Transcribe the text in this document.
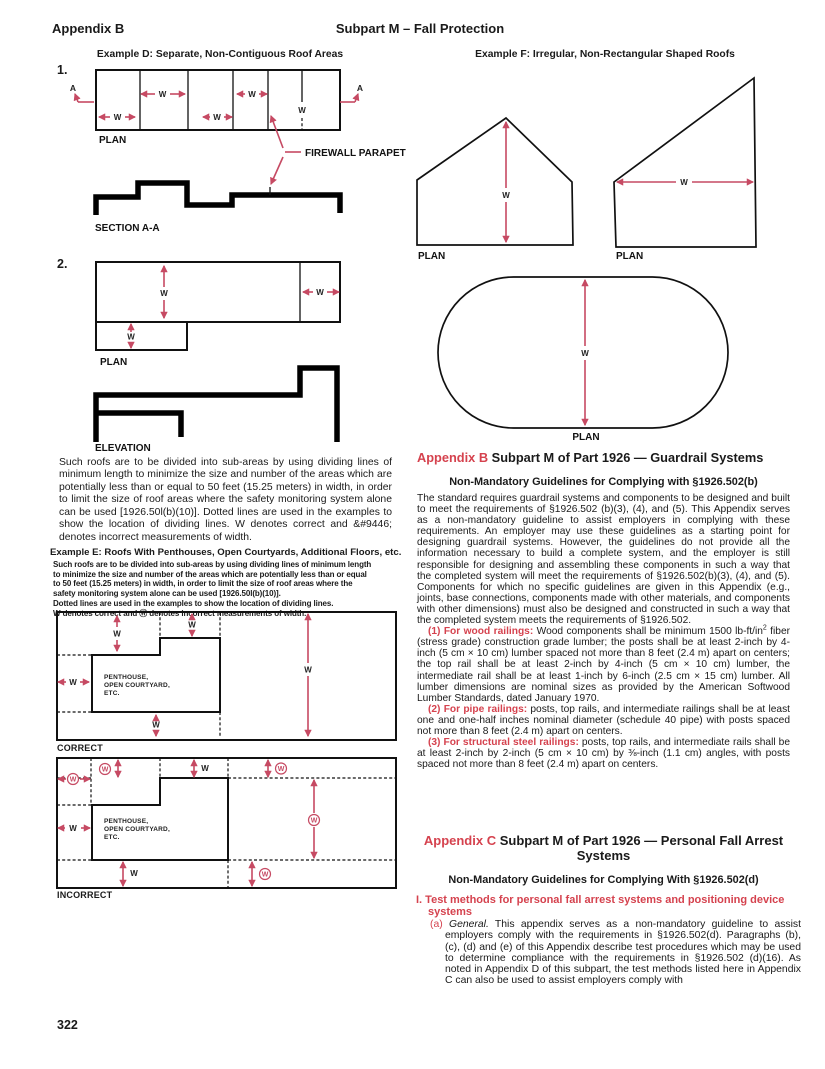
Appendix B	Subpart M – Fall Protection
Example D: Separate, Non-Contiguous Roof Areas
1.
W
W
W
W
W
A	A
PLAN
FIREWALL PARAPET
SECTION A-A
2.
W	W
W
PLAN
ELEVATION
Such roofs are to be divided into sub-areas by using dividing lines of minimum length to minimize the size and number of the areas which are potentially less than or equal to 50 feet (15.25 meters) in width, in order to limit the size of roof areas where the safety monitoring system alone can be used [1926.50l(b)(10)]. Dotted lines are used in the examples to show the location of dividing lines. W denotes correct and &#9446; denotes incorrect measurements of width.
Example E: Roofs With Penthouses, Open Courtyards, Additional Floors, etc.
Such roofs are to be divided into sub-areas by using dividing lines of minimum length
to minimize the size and number of the areas which are potentially less than or equal
to 50 feet (15.25 meters) in width, in order to limit the size of roof areas where the
safety monitoring system alone can be used [1926.50l(b)(10)].
Dotted lines are used in the examples to show the location of dividing lines.
W denotes correct and Ⓦ denotes incorrect measurements of width.
PENTHOUSE,
OPEN COURTYARD,
ETC.
W
W
W
W
W
CORRECT
PENTHOUSE,
OPEN COURTYARD,
ETC.
W
W
W	W
W
W
W	W
INCORRECT
Example F: Irregular, Non-Rectangular Shaped Roofs
W
PLAN
W
PLAN
W
PLAN
Appendix B Subpart M of Part 1926 — Guardrail Systems
Non-Mandatory Guidelines for Complying with §1926.502(b)

The standard requires guardrail systems and components to be designed and built to meet the requirements of §1926.502 (b)(3), (4), and (5). This Appendix serves as a non-mandatory guideline to assist employers in complying with these requirements. An employer may use these guidelines as a starting point for designing guardrail systems. However, the guidelines do not provide all the information necessary to build a complete system, and the employer is still responsible for designing and assembling these components in such a way that the completed system will meet the requirements of §1926.502(b)(3), (4), and (5). Components for which no specific guidelines are given in this Appendix (e.g., joints, base connections, components made with other materials, and components with other dimensions) must also be designed and constructed in such a way that the completed system meets the requirements of §1926.502.

(1) For wood railings: Wood components shall be minimum 1500 $lb-ft/in^2$ fiber (stress grade) construction grade lumber; the posts shall be at least 2-inch by 4-inch (5 cm × 10 cm) lumber spaced not more than 8 feet (2.4 m) apart on centers; the top rail shall be at least 2-inch by 4-inch (5 cm × 10 cm) lumber, the intermediate rail shall be at least 1-inch by 6-inch (2.5 cm × 15 cm) lumber. All lumber dimensions are nominal sizes as provided by the American Softwood Lumber Standards, dated January 1970.

(2) For pipe railings: posts, top rails, and intermediate railings shall be at least one and one-half inches nominal diameter (schedule 40 pipe) with posts spaced not more than 8 feet (2.4 m) apart on centers.

(3) For structural steel railings: posts, top rails, and intermediate rails shall be at least 2-inch by 2-inch (5 cm × 10 cm) by ⅜-inch (1.1 cm) angles, with posts spaced not more than 8 feet (2.4 m) apart on centers.

Appendix C Subpart M of Part 1926 — Personal Fall Arrest Systems
Non-Mandatory Guidelines for Complying With §1926.502(d)
I. Test methods for personal fall arrest systems and positioning device systems
(a) General. This appendix serves as a non-mandatory guideline to assist employers comply with the requirements in §1926.502(d). Paragraphs (b), (c), (d) and (e) of this Appendix describe test procedures which may be used to determine compliance with the requirements in §1926.502 (d)(16). As noted in Appendix D of this subpart, the test methods listed here in Appendix C can also be used to assist employers comply with
322
